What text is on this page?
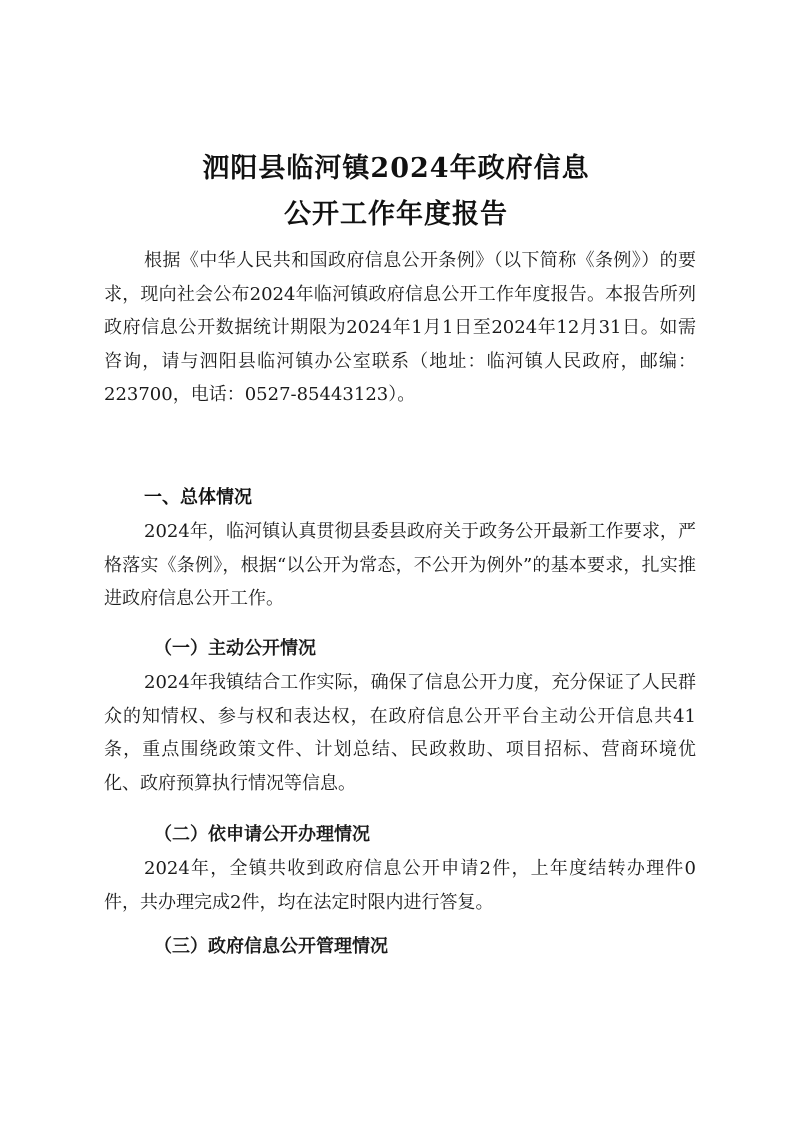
泗阳县临河镇2024年政府信息
公开工作年度报告

根据《中华人民共和国政府信息公开条例》（以下简称《条例》）的要求，现向社会公布2024年临河镇政府信息公开工作年度报告。本报告所列政府信息公开数据统计期限为2024年1月1日至2024年12月31日。如需咨询，请与泗阳县临河镇办公室联系（地址：临河镇人民政府，邮编：223700，电话：0527-85443123）。

一、总体情况

2024年，临河镇认真贯彻县委县政府关于政务公开最新工作要求，严格落实《条例》，根据“以公开为常态，不公开为例外”的基本要求，扎实推进政府信息公开工作。

（一）主动公开情况

2024年我镇结合工作实际，确保了信息公开力度，充分保证了人民群众的知情权、参与权和表达权，在政府信息公开平台主动公开信息共41条，重点围绕政策文件、计划总结、民政救助、项目招标、营商环境优化、政府预算执行情况等信息。

（二）依申请公开办理情况

2024年，全镇共收到政府信息公开申请2件，上年度结转办理件0件，共办理完成2件，均在法定时限内进行答复。

（三）政府信息公开管理情况
